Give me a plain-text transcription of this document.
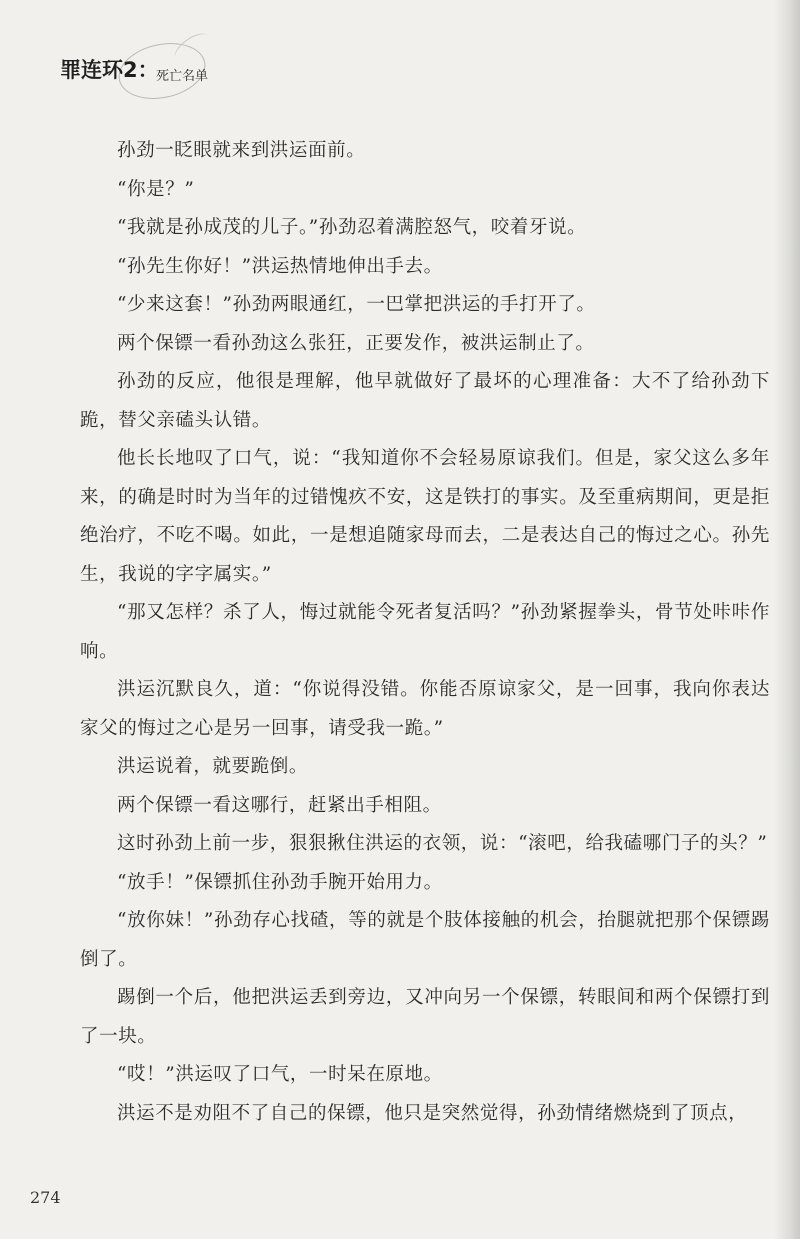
罪连环2：
死亡名单

孙劲一眨眼就来到洪运面前。

“你是？”

“我就是孙成茂的儿子。”孙劲忍着满腔怒气，咬着牙说。

“孙先生你好！”洪运热情地伸出手去。

“少来这套！”孙劲两眼通红，一巴掌把洪运的手打开了。

两个保镖一看孙劲这么张狂，正要发作，被洪运制止了。

孙劲的反应，他很是理解，他早就做好了最坏的心理准备：大不了给孙劲下跪，替父亲磕头认错。

他长长地叹了口气，说：“我知道你不会轻易原谅我们。但是，家父这么多年来，的确是时时为当年的过错愧疚不安，这是铁打的事实。及至重病期间，更是拒绝治疗，不吃不喝。如此，一是想追随家母而去，二是表达自己的悔过之心。孙先生，我说的字字属实。”

“那又怎样？杀了人，悔过就能令死者复活吗？”孙劲紧握拳头，骨节处咔咔作响。

洪运沉默良久，道：“你说得没错。你能否原谅家父，是一回事，我向你表达家父的悔过之心是另一回事，请受我一跪。”

洪运说着，就要跪倒。

两个保镖一看这哪行，赶紧出手相阻。

这时孙劲上前一步，狠狠揪住洪运的衣领，说：“滚吧，给我磕哪门子的头？”

“放手！”保镖抓住孙劲手腕开始用力。

“放你妹！”孙劲存心找碴，等的就是个肢体接触的机会，抬腿就把那个保镖踢倒了。

踢倒一个后，他把洪运丢到旁边，又冲向另一个保镖，转眼间和两个保镖打到了一块。

“哎！”洪运叹了口气，一时呆在原地。

洪运不是劝阻不了自己的保镖，他只是突然觉得，孙劲情绪燃烧到了顶点，

274
